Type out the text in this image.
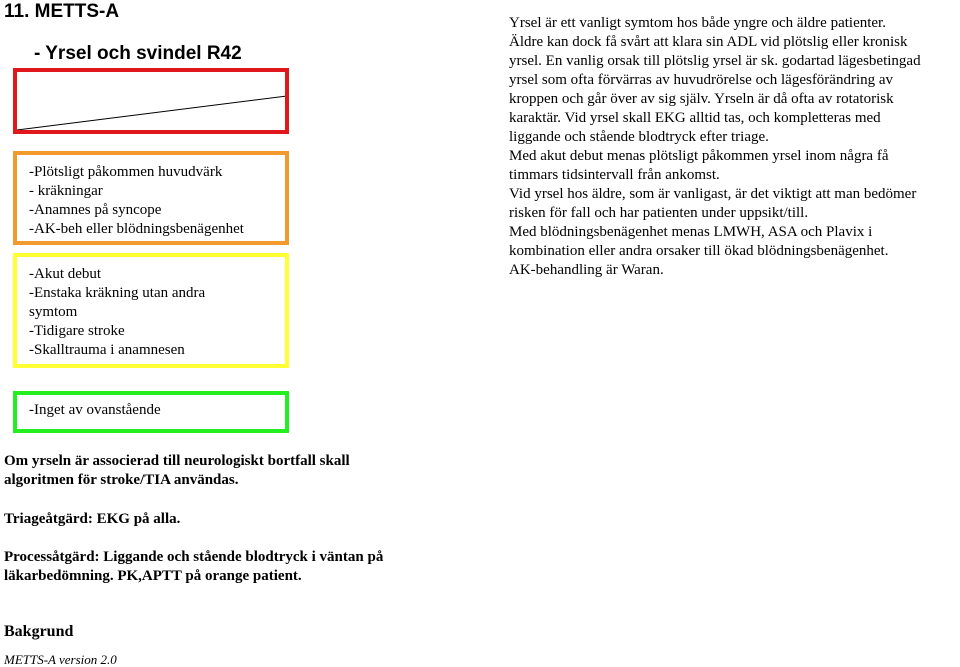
11. METTS-A
- Yrsel och svindel R42
-Plötsligt påkommen huvudvärk
- kräkningar
-Anamnes på syncope
-AK-beh eller blödningsbenägenhet
-Akut debut
-Enstaka kräkning utan andra
symtom
-Tidigare stroke
-Skalltrauma i anamnesen
-Inget av ovanstående
Yrsel är ett vanligt symtom hos både yngre och äldre patienter.
Äldre kan dock få svårt att klara sin ADL vid plötslig eller kronisk
yrsel. En vanlig orsak till plötslig yrsel är sk. godartad lägesbetingad
yrsel som ofta förvärras av huvudrörelse och lägesförändring av
kroppen och går över av sig själv. Yrseln är då ofta av rotatorisk
karaktär. Vid yrsel skall EKG alltid tas, och kompletteras med
liggande och stående blodtryck efter triage.
Med akut debut menas plötsligt påkommen yrsel inom några få
timmars tidsintervall från ankomst.
Vid yrsel hos äldre, som är vanligast, är det viktigt att man bedömer
risken för fall och har patienten under uppsikt/till.
Med blödningsbenägenhet menas LMWH, ASA och Plavix i
kombination eller andra orsaker till ökad blödningsbenägenhet.
AK-behandling är Waran.
Om yrseln är associerad till neurologiskt bortfall skall
algoritmen för stroke/TIA användas.
Triageåtgärd: EKG på alla.
Processåtgärd: Liggande och stående blodtryck i väntan på
läkarbedömning. PK,APTT på orange patient.
Bakgrund
METTS-A version 2.0
